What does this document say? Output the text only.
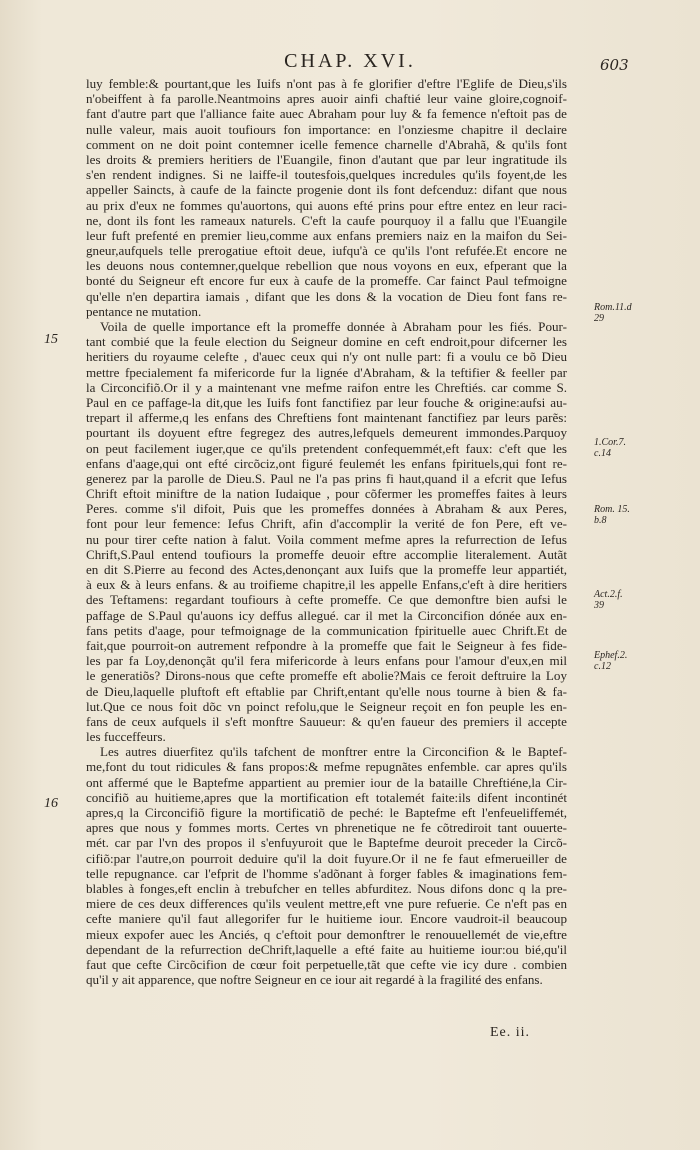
CHAP. XVI.	603
15
16
Rom.11.d
29
1.Cor.7.
c.14
Rom. 15.
b.8
Act.2.f.
39
Ephef.2.
c.12
luy femble:& pourtant,que les Iuifs n'ont pas à fe glorifier d'eftre l'Eglife de Dieu,s'ils
n'obeiffent à fa parolle.Neantmoins apres auoir ainfi chaftié leur vaine gloire,cognoif-
fant d'autre part que l'alliance faite auec Abraham pour luy & fa femence n'eftoit pas de
nulle valeur, mais auoit toufiours fon importance: en l'onziesme chapitre il declaire
comment on ne doit point contemner icelle femence charnelle d'Abrahã, & qu'ils font
les droits & premiers heritiers de l'Euangile, finon d'autant que par leur ingratitude ils
s'en rendent indignes. Si ne laiffe-il toutesfois,quelques incredules qu'ils foyent,de les
appeller Saincts, à caufe de la faincte progenie dont ils font defcenduz: difant que nous
au prix d'eux ne fommes qu'auortons, qui auons efté prins pour eftre entez en leur raci-
ne, dont ils font les rameaux naturels. C'eft la caufe pourquoy il a fallu que l'Euangile
leur fuft prefenté en premier lieu,comme aux enfans premiers naiz en la maifon du Sei-
gneur,aufquels telle prerogatiue eftoit deue, iufqu'à ce qu'ils l'ont refufée.Et encore ne
les deuons nous contemner,quelque rebellion que nous voyons en eux, efperant que la
bonté du Seigneur eft encore fur eux à caufe de la promeffe. Car fainct Paul tefmoigne
qu'elle n'en departira iamais , difant que les dons & la vocation de Dieu font fans re-
pentance ne mutation.
Voila de quelle importance eft la promeffe donnée à Abraham pour les fiés. Pour-
tant combié que la feule election du Seigneur domine en ceft endroit,pour difcerner les
heritiers du royaume celefte , d'auec ceux qui n'y ont nulle part: fi a voulu ce bõ Dieu
mettre fpecialement fa mifericorde fur la lignée d'Abraham, & la teftifier & feeller par
la Circoncifiõ.Or il y a maintenant vne mefme raifon entre les Chreftiés. car comme S.
Paul en ce paffage-la dit,que les Iuifs font fanctifiez par leur fouche & origine:aufsi au-
trepart il afferme,q les enfans des Chreftiens font maintenant fanctifiez par leurs parẽs:
pourtant ils doyuent eftre fegregez des autres,lefquels demeurent immondes.Parquoy
on peut facilement iuger,que ce qu'ils pretendent confequemmét,eft faux: c'eft que les
enfans d'aage,qui ont efté circõciz,ont figuré feulemét les enfans fpirituels,qui font re-
generez par la parolle de Dieu.S. Paul ne l'a pas prins fi haut,quand il a efcrit que Iefus
Chrift eftoit miniftre de la nation Iudaique , pour cõfermer les promeffes faites à leurs
Peres. comme s'il difoit, Puis que les promeffes données à Abraham & aux Peres,
font pour leur femence: Iefus Chrift, afin d'accomplir la verité de fon Pere, eft ve-
nu pour tirer cefte nation à falut. Voila comment mefme apres la refurrection de Iefus
Chrift,S.Paul entend toufiours la promeffe deuoir eftre accomplie literalement. Autãt
en dit S.Pierre au fecond des Actes,denonçant aux Iuifs que la promeffe leur appartiét,
à eux & à leurs enfans. & au troifieme chapitre,il les appelle Enfans,c'eft à dire heritiers
des Teftamens: regardant toufiours à cefte promeffe. Ce que demonftre bien aufsi le
paffage de S.Paul qu'auons icy deffus allegué. car il met la Circoncifion dónée aux en-
fans petits d'aage, pour tefmoignage de la communication fpirituelle auec Chrift.Et de
fait,que pourroit-on autrement refpondre à la promeffe que fait le Seigneur à fes fide-
les par fa Loy,denonçãt qu'il fera mifericorde à leurs enfans pour l'amour d'eux,en mil
le generatiõs? Dirons-nous que cefte promeffe eft abolie?Mais ce feroit deftruire la Loy
de Dieu,laquelle pluftoft eft eftablie par Chrift,entant qu'elle nous tourne à bien & fa-
lut.Que ce nous foit dõc vn poinct refolu,que le Seigneur reçoit en fon peuple les en-
fans de ceux aufquels il s'eft monftre Sauueur: & qu'en faueur des premiers il accepte
les fucceffeurs.
Les autres diuerfitez qu'ils tafchent de monftrer entre la Circoncifion & le Baptef-
me,font du tout ridicules & fans propos:& mefme repugnãtes enfemble. car apres qu'ils
ont affermé que le Baptefme appartient au premier iour de la bataille Chreftiéne,la Cir-
concifiõ au huitieme,apres que la mortification eft totalemét faite:ils difent incontinét
apres,q la Circoncifiõ figure la mortificatiõ de peché: le Baptefme eft l'enfeueliffemét,
apres que nous y fommes morts. Certes vn phrenetique ne fe cõtrediroit tant ouuerte-
mét. car par l'vn des propos il s'enfuyuroit que le Baptefme deuroit preceder la Circõ-
cifiõ:par l'autre,on pourroit deduire qu'il la doit fuyure.Or il ne fe faut efmerueiller de
telle repugnance. car l'efprit de l'homme s'adõnant à forger fables & imaginations fem-
blables à fonges,eft enclin à trebufcher en telles abfurditez. Nous difons donc q la pre-
miere de ces deux differences qu'ils veulent mettre,eft vne pure refuerie. Ce n'eft pas en
cefte maniere qu'il faut allegorifer fur le huitieme iour. Encore vaudroit-il beaucoup
mieux expofer auec les Anciés, q c'eftoit pour demonftrer le renouuellemét de vie,eftre
dependant de la refurrection deChrift,laquelle a efté faite au huitieme iour:ou bié,qu'il
faut que cefte Circõcifion de cœur foit perpetuelle,tãt que cefte vie icy dure . combien
qu'il y ait apparence, que noftre Seigneur en ce iour ait regardé à la fragilité des enfans.
Ee. ii.
